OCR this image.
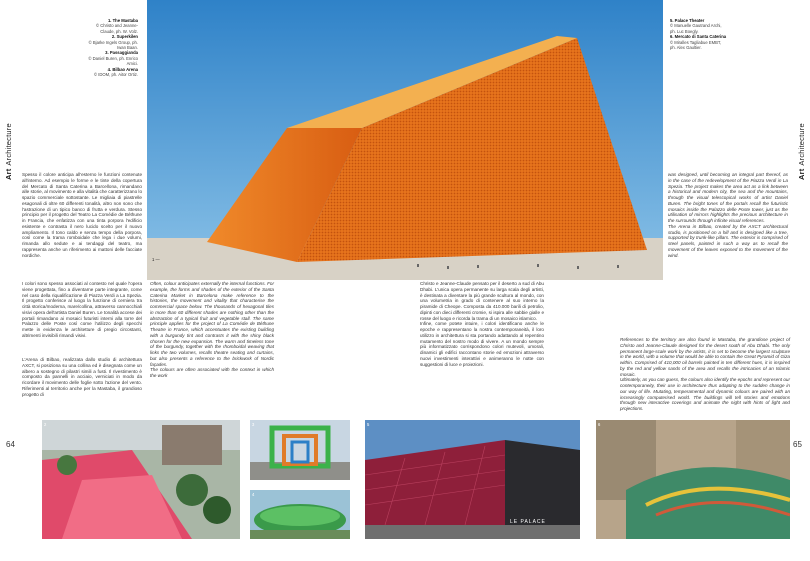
64	65
ArtArchitecture
ArtArchitecture
1. The Mastaba
© Christo and Jeanne-Claude, ph. W. Volz.
2. Superkilen
© Bjarke Ingels Group, ph. Iwan Baan.
3. Passaggianda
© Daniel Buren, ph. Enrico Amici.
4. Bilbao Arena
© IDOM, ph. Aitor Ortiz.
5. Palace Theater
© Manuelle Gautrand Archi, ph. Luc Boegly.
6. Mercato di Santa Caterina
© Miralles Tagliabue EMBT, ph. Alex Gaultier.
1 —

Spesso il colore anticipa all'esterno le funzioni contenute all'interno. Ad esempio le forme e le tinte della copertura del Mercato di Santa Caterina a Barcellona, rimandano alle storie, al movimento e alla vitalità che caratterizzano lo spazio commerciale sottostante. Le migliaia di piastrelle esagonali di oltre 60 differenti tonalità, altro non sono che l'astrazione di un tipico banco di frutta e verdura. Stesso principio per il progetto del Teatro La Comédie de Béthune in Francia, che enfatizza con una tinta porpora l'edificio esistente e contrasta il nero lucido scelto per il nuovo ampliamento. Il tono caldo e senza tempo della porpora, così come la trama romboidale che lega i due volumi, rimanda allo sedute e ai tendaggi del teatro, ma rappresenta anche un riferimento ai mattoni delle facciate nordiche.

I colori sono spesso associati al contesto nel quale l'opera viene progettata, fino a diventarne parte integrante, come nel caso della riqualificazione di Piazza Verdi a La Spezia. Il progetto conferisce al luogo la funzione di cerniera tra città storica/moderna, mare/collina, attraverso cannocchiali visivi opera dell'artista Daniel Buren. Le tonalità accese dei portali rimandano ai mosaici futuristi interni alla torre del Palazzo delle Poste così come l'utilizzo degli specchi mette in evidenza le architetture di pregio circostanti, altrimenti invisibili rimandi visivi.

L'Arena di Bilbao, realizzata dallo studio di architettura AXCT, si posiziona su una collina ed è disegnata come un albero a sostegno di pilastri simili a fusti. Il rivestimento è composto da pannelli in acciaio, verniciati in modo da ricordare il movimento delle foglie sotto l'azione del vento. Riferimenti al territorio anche per la Mastaba, il grandioso progetto di

Often, colour anticipates externally the internal functions. For example, the forms and shades of the exterior of the Santa Caterina Market in Barcelona make reference to the histories, the movement and vitality that characterise the commercial space below. The thousands of hexagonal tiles in more than 60 different shades are nothing other than the abstraction of a typical fruit and vegetable stall. The same principle applies for the project of La Comédie de Béthune Theatre in France, which accentuates the existing building with a burgundy tint and contrasts it with the shiny black chosen for the new expansion. The warm and timeless tone of the burgundy, together with the rhomboidal weaving that links the two volumes, recalls theatre seating and curtains, but also presents a reference to the brickwork of Nordic façades.

The colours are often associated with the context in which the work

Christo e Jeanne-Claude pensato per il deserto a sud di Abu Dhabi. L'unica opera permanente su larga scala degli artisti, è destinata a diventare la più grande scultura al mondo, con una volumetria in grado di contenere al suo interno la piramide di Cheope. Composta da 410.000 barili di petrolio, dipinti con dieci differenti cromie, si ispira alle sabbie gialle e rosse del luogo e ricorda la trama di un mosaico islamico.

Infine, come potete intuire, i colori identificano anche le epoche e rappresentano la nostra contemporaneità, il loro utilizzo in architettura si sta portando adattando al repentino mutamento del nostro modo di vivere. A un mondo sempre più informatizzato corrispondono colori mutevoli, umorali, dinamici gli edifici raccontano storie ed emozioni attraverso nuovi investimenti interattivi e animeranno le notte con suggestioni di luce e proiezioni.

was designed, until becoming an integral part thereof, as in the case of the redevelopment of the Piazza Verdi in La Spezia. The project makes the area act as a link between a historical and modern city, the sea and the mountains, through the visual telescopical works of artist Daniel Buren. The bright tones of the portals recall the futuristic mosaics inside the Palazzo delle Poste tower, just as the utilisation of mirrors highlights the precious architecture in the surrounds through infinite visual references.

The Arena in Bilbao, created by the AXCT architectural studio, is positioned on a hill and is designed like a tree, supported by trunk-like pillars. The exterior is comprised of steel panels, painted in such a way as to recall the movement of the leaves exposed to the movement of the wind.

References to the territory are also found in Mastaba, the grandiose project of Christo and Jeanne-Claude designed for the desert south of Abu Dhabi. The only permanent large-scale work by the artists, it is set to become the largest sculpture in the world, with a volume that would be able to contain the Great Pyramid of Giza within. Comprised of 410,000 oil barrels painted in ten different hues, it is inspired by the red and yellow sands of the area and recalls the intricacies of an Islamic mosaic.

Ultimately, as you can guess, the colours also identify the epochs and represent our contemporaneity, their use in architecture thus adapting to the sudden change in our way of life. Mutating, temperamental and dynamic colours are paired with an increasingly computerised world. The buildings will tell stories and emotions through new interactive coverings and animate the night with hints of light and projections.

2	3
4
5
LE PALACE
6
